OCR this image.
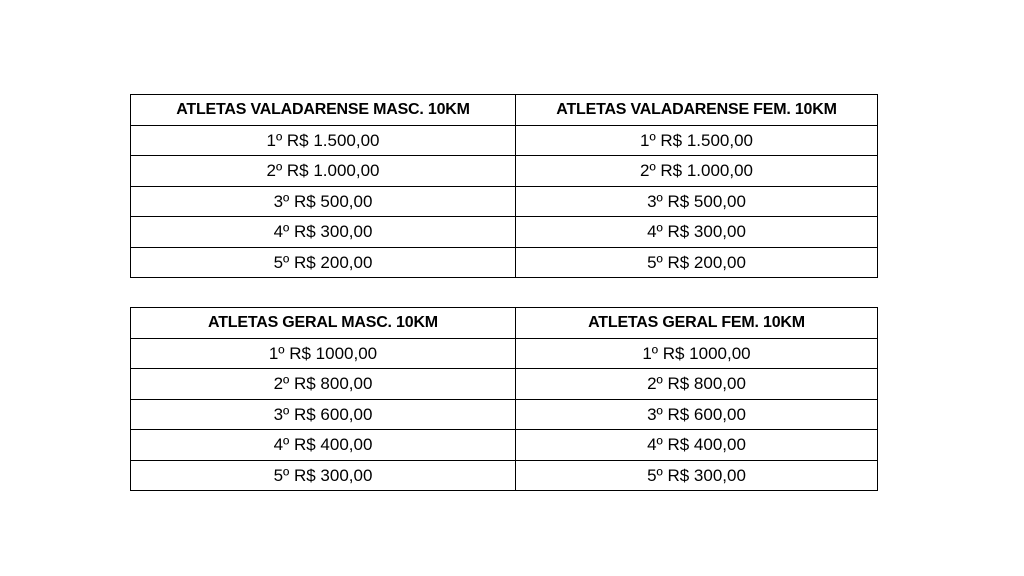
ATLETAS VALADARENSE MASC. 10KM	ATLETAS VALADARENSE FEM. 10KM
1º R$ 1.500,00	1º R$ 1.500,00
2º R$ 1.000,00	2º R$ 1.000,00
3º R$ 500,00	3º R$ 500,00
4º R$ 300,00	4º R$ 300,00
5º R$ 200,00	5º R$ 200,00
ATLETAS GERAL MASC. 10KM	ATLETAS GERAL FEM. 10KM
1º R$ 1000,00	1º R$ 1000,00
2º R$ 800,00	2º R$ 800,00
3º R$ 600,00	3º R$ 600,00
4º R$ 400,00	4º R$ 400,00
5º R$ 300,00	5º R$ 300,00
